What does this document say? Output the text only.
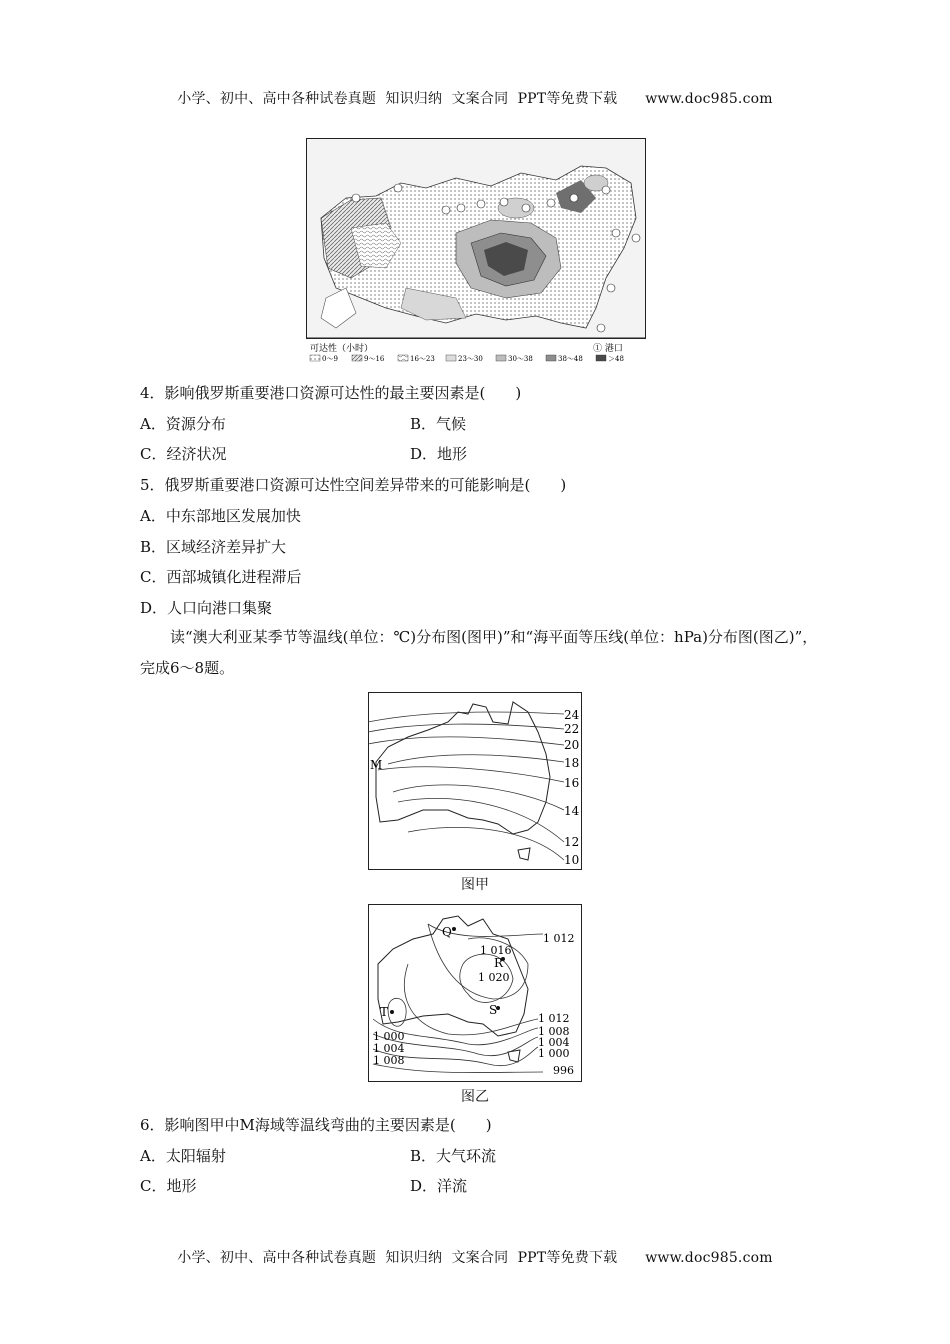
小学、初中、高中各种试卷真题  知识归纳  文案合同  PPT等免费下载      www.doc985.com
可达性（小时）	① 港口
0～9	9～16	16～23	23～30	30～38	38～48	＞48
4．影响俄罗斯重要港口资源可达性的最主要因素是(　　)
A．资源分布	B．气候
C．经济状况	D．地形
5．俄罗斯重要港口资源可达性空间差异带来的可能影响是(　　)
A．中东部地区发展加快
B．区域经济差异扩大
C．西部城镇化进程滞后
D．人口向港口集聚
读“澳大利亚某季节等温线(单位：℃)分布图(图甲)”和“海平面等压线(单位：hPa)分布图(图乙)”，完成6～8题。
M
24
22
20
18
16
14
12
10
图甲
Q
R
S
T
1 012
1 016
1 020
1 012
1 008
1 004
1 000
996
1 000
1 004
1 008
图乙
6．影响图甲中M海域等温线弯曲的主要因素是(　　)
A．太阳辐射	B．大气环流
C．地形	D．洋流
小学、初中、高中各种试卷真题  知识归纳  文案合同  PPT等免费下载      www.doc985.com
